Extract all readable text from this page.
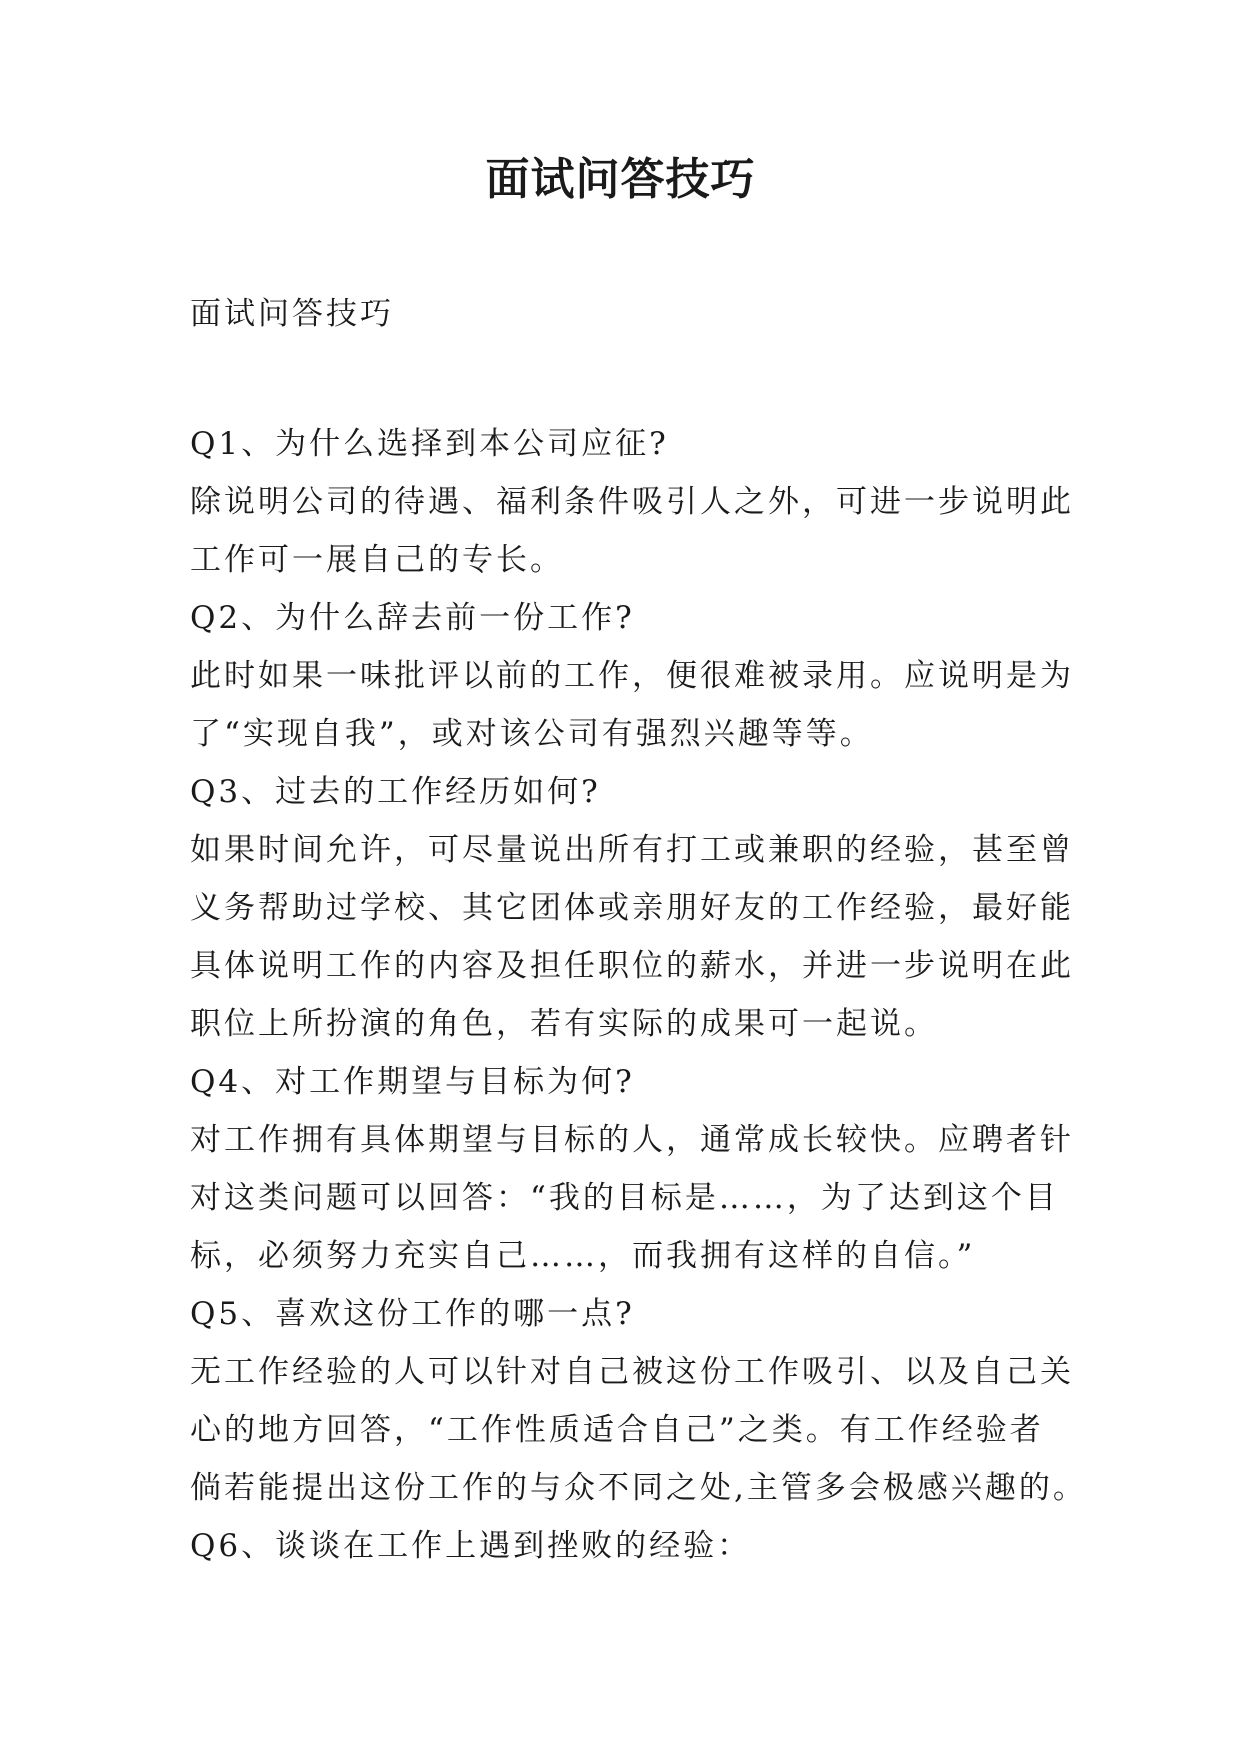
面试问答技巧

面试问答技巧

Q1、为什么选择到本公司应征?

除说明公司的待遇、福利条件吸引人之外，可进一步说明此

工作可一展自己的专长。

Q2、为什么辞去前一份工作?

此时如果一味批评以前的工作，便很难被录用。应说明是为

了“实现自我”，或对该公司有强烈兴趣等等。

Q3、过去的工作经历如何?

如果时间允许，可尽量说出所有打工或兼职的经验，甚至曾

义务帮助过学校、其它团体或亲朋好友的工作经验，最好能

具体说明工作的内容及担任职位的薪水，并进一步说明在此

职位上所扮演的角色，若有实际的成果可一起说。

Q4、对工作期望与目标为何?

对工作拥有具体期望与目标的人，通常成长较快。应聘者针

对这类问题可以回答：“我的目标是……，为了达到这个目

标，必须努力充实自己……，而我拥有这样的自信。”

Q5、喜欢这份工作的哪一点?

无工作经验的人可以针对自己被这份工作吸引、以及自己关

心的地方回答，“工作性质适合自己”之类。有工作经验者

倘若能提出这份工作的与众不同之处,主管多会极感兴趣的。

Q6、谈谈在工作上遇到挫败的经验：
